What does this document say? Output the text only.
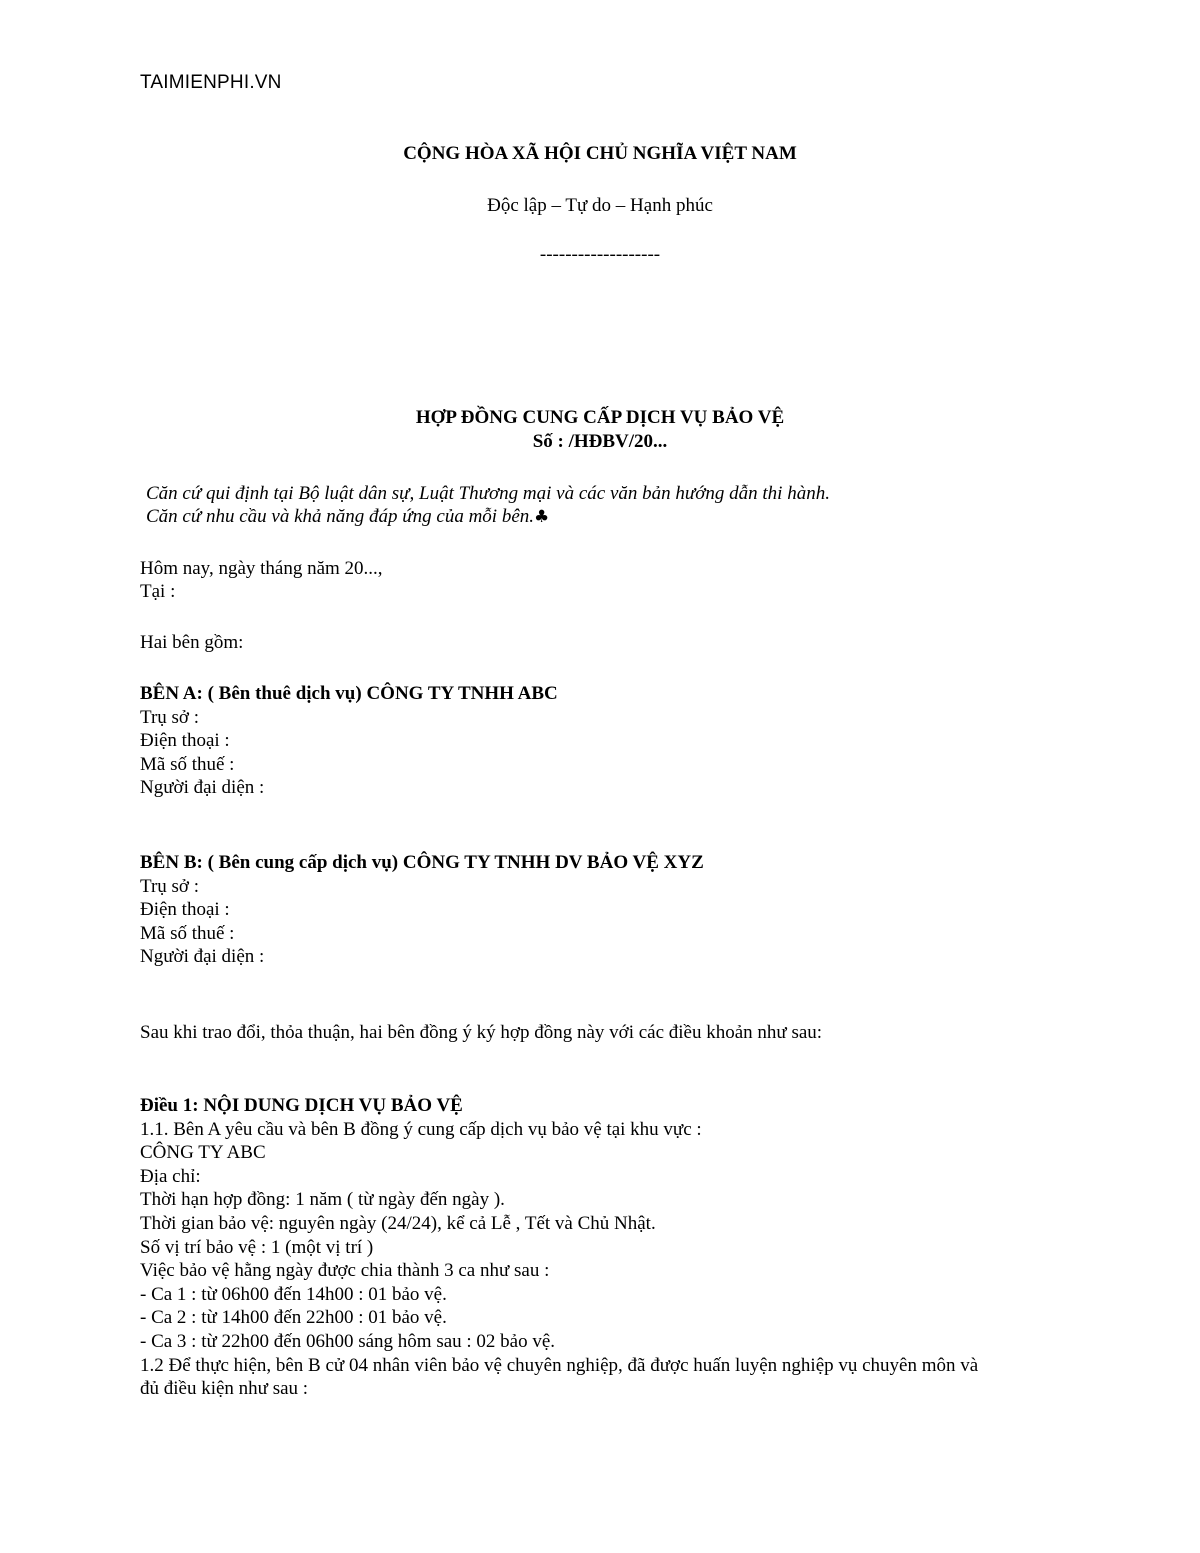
TAIMIENPHI.VN
CỘNG HÒA XÃ HỘI CHỦ NGHĨA VIỆT NAM
Độc lập – Tự do – Hạnh phúc
-------------------
HỢP ĐỒNG CUNG CẤP DỊCH VỤ BẢO VỆ
Số : /HĐBV/20...
Căn cứ qui định tại Bộ luật dân sự, Luật Thương mại và các văn bản hướng dẫn thi hành.
Căn cứ nhu cầu và khả năng đáp ứng của mỗi bên.♣
Hôm nay, ngày tháng năm 20...,
Tại :
Hai bên gồm:
BÊN A: ( Bên thuê dịch vụ) CÔNG TY TNHH ABC
Trụ sở :
Điện thoại :
Mã số thuế :
Người đại diện :
BÊN B: ( Bên cung cấp dịch vụ) CÔNG TY TNHH DV BẢO VỆ XYZ
Trụ sở :
Điện thoại :
Mã số thuế :
Người đại diện :
Sau khi trao đổi, thỏa thuận, hai bên đồng ý ký hợp đồng này với các điều khoản như sau:
Điều 1: NỘI DUNG DỊCH VỤ BẢO VỆ
1.1. Bên A yêu cầu và bên B đồng ý cung cấp dịch vụ bảo vệ tại khu vực :
CÔNG TY ABC
Địa chỉ:
Thời hạn hợp đồng: 1 năm ( từ ngày đến ngày ).
Thời gian bảo vệ: nguyên ngày (24/24), kể cả Lễ , Tết và Chủ Nhật.
Số vị trí bảo vệ : 1 (một vị trí )
Việc bảo vệ hằng ngày được chia thành 3 ca như sau :
- Ca 1 : từ 06h00 đến 14h00 : 01 bảo vệ.
- Ca 2 : từ 14h00 đến 22h00 : 01 bảo vệ.
- Ca 3 : từ 22h00 đến 06h00 sáng hôm sau : 02 bảo vệ.
1.2 Để thực hiện, bên B cử 04 nhân viên bảo vệ chuyên nghiệp, đã được huấn luyện nghiệp vụ chuyên môn và
đủ điều kiện như sau :
